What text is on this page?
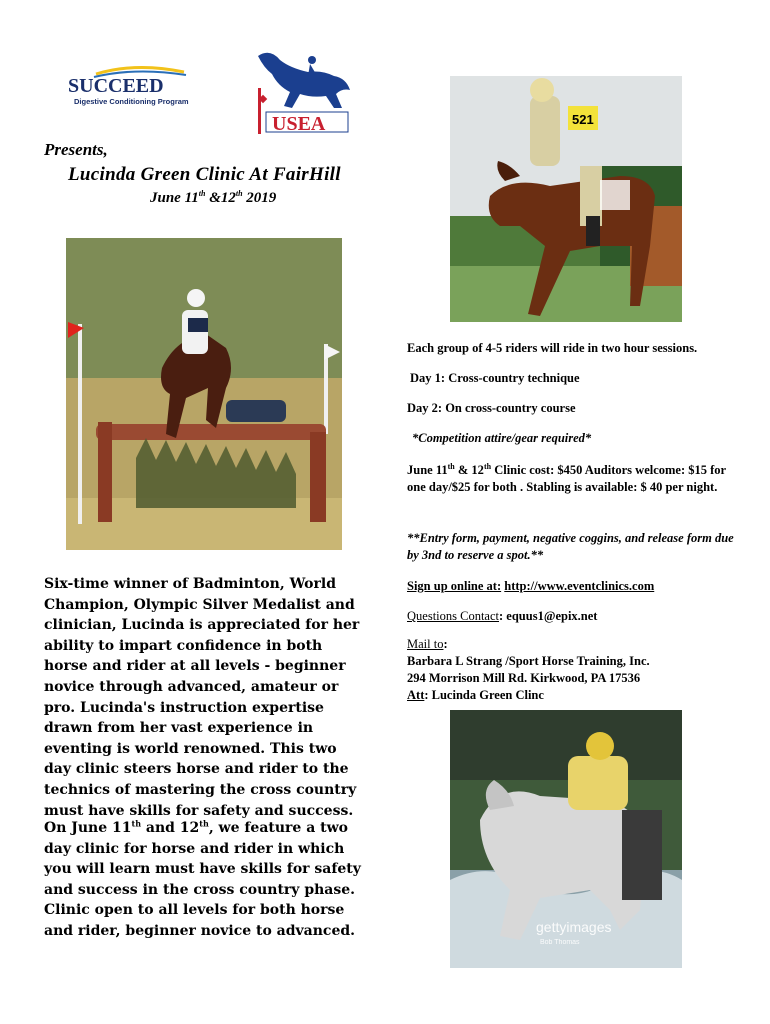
SUCCEED
Digestive Conditioning Program
USEA
Presents,
Lucinda Green Clinic At FairHill
June 11th &12th 2019
521
gettyimages
Bob Thomas
Each group of 4-5 riders will ride in two hour sessions.
Day 1: Cross-country technique
Day 2: On cross-country course
*Competition attire/gear required*
June 11th & 12th Clinic cost: $450 Auditors welcome: $15 for one day/$25 for both . Stabling is available: $ 40 per night.
**Entry form, payment, negative coggins, and release form due by 3nd to reserve a spot.**
Sign up online at: http://www.eventclinics.com
Questions Contact: equus1@epix.net
Mail to:
Barbara L Strang /Sport Horse Training, Inc.
294 Morrison Mill Rd. Kirkwood, PA 17536
Att: Lucinda Green Clinc
Six-time winner of Badminton, World Champion, Olympic Silver Medalist and clinician, Lucinda is appreciated for her ability to impart confidence in both horse and rider at all levels - beginner novice through advanced, amateur or pro. Lucinda's instruction expertise drawn from her vast experience in eventing is world renowned. This two day clinic steers horse and rider to the technics of mastering the cross country must have skills for safety and success.
On June 11th and 12th, we feature a two day clinic for horse and rider in which you will learn must have skills for safety and success in the cross country phase. Clinic open to all levels for both horse and rider, beginner novice to advanced.
